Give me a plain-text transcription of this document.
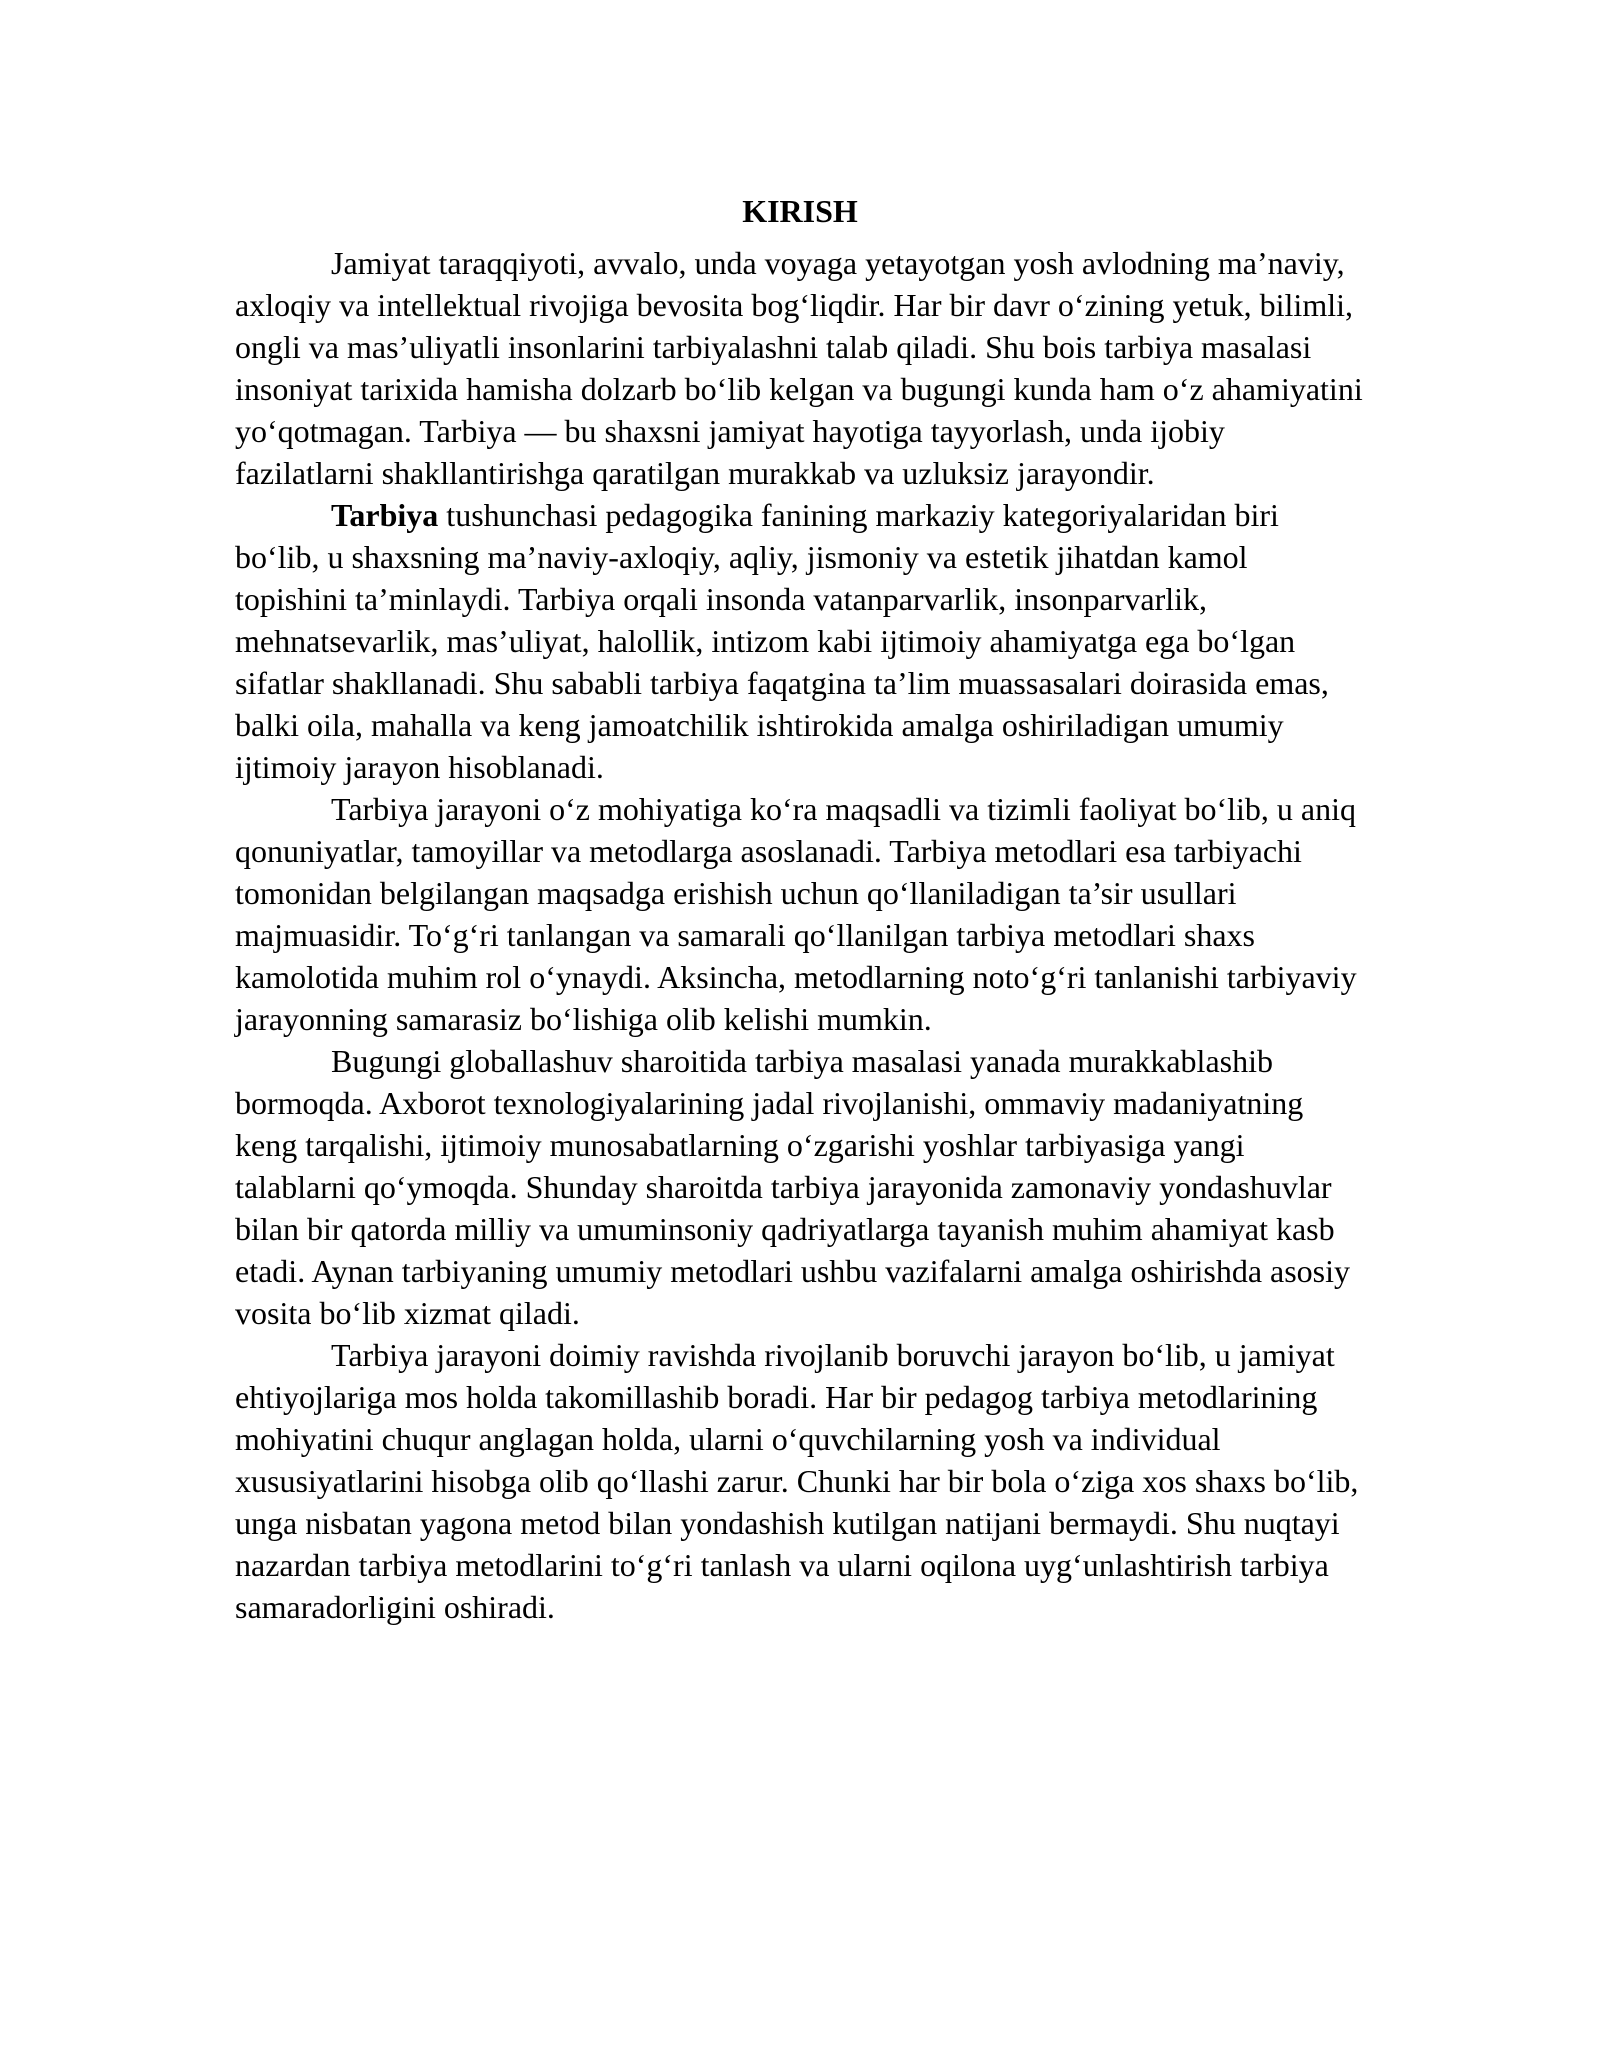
KIRISH

Jamiyat taraqqiyoti, avvalo, unda voyaga yetayotgan yosh avlodning ma’naviy, axloqiy va intellektual rivojiga bevosita bog‘liqdir. Har bir davr o‘zining yetuk, bilimli, ongli va mas’uliyatli insonlarini tarbiyalashni talab qiladi. Shu bois tarbiya masalasi insoniyat tarixida hamisha dolzarb bo‘lib kelgan va bugungi kunda ham o‘z ahamiyatini yo‘qotmagan. Tarbiya — bu shaxsni jamiyat hayotiga tayyorlash, unda ijobiy fazilatlarni shakllantirishga qaratilgan murakkab va uzluksiz jarayondir.

Tarbiya tushunchasi pedagogika fanining markaziy kategoriyalaridan biri bo‘lib, u shaxsning ma’naviy-axloqiy, aqliy, jismoniy va estetik jihatdan kamol topishini ta’minlaydi. Tarbiya orqali insonda vatanparvarlik, insonparvarlik, mehnatsevarlik, mas’uliyat, halollik, intizom kabi ijtimoiy ahamiyatga ega bo‘lgan sifatlar shakllanadi. Shu sababli tarbiya faqatgina ta’lim muassasalari doirasida emas, balki oila, mahalla va keng jamoatchilik ishtirokida amalga oshiriladigan umumiy ijtimoiy jarayon hisoblanadi.

Tarbiya jarayoni o‘z mohiyatiga ko‘ra maqsadli va tizimli faoliyat bo‘lib, u aniq qonuniyatlar, tamoyillar va metodlarga asoslanadi. Tarbiya metodlari esa tarbiyachi tomonidan belgilangan maqsadga erishish uchun qo‘llaniladigan ta’sir usullari majmuasidir. To‘g‘ri tanlangan va samarali qo‘llanilgan tarbiya metodlari shaxs kamolotida muhim rol o‘ynaydi. Aksincha, metodlarning noto‘g‘ri tanlanishi tarbiyaviy jarayonning samarasiz bo‘lishiga olib kelishi mumkin.

Bugungi globallashuv sharoitida tarbiya masalasi yanada murakkablashib bormoqda. Axborot texnologiyalarining jadal rivojlanishi, ommaviy madaniyatning keng tarqalishi, ijtimoiy munosabatlarning o‘zgarishi yoshlar tarbiyasiga yangi talablarni qo‘ymoqda. Shunday sharoitda tarbiya jarayonida zamonaviy yondashuvlar bilan bir qatorda milliy va umuminsoniy qadriyatlarga tayanish muhim ahamiyat kasb etadi. Aynan tarbiyaning umumiy metodlari ushbu vazifalarni amalga oshirishda asosiy vosita bo‘lib xizmat qiladi.

Tarbiya jarayoni doimiy ravishda rivojlanib boruvchi jarayon bo‘lib, u jamiyat ehtiyojlariga mos holda takomillashib boradi. Har bir pedagog tarbiya metodlarining mohiyatini chuqur anglagan holda, ularni o‘quvchilarning yosh va individual xususiyatlarini hisobga olib qo‘llashi zarur. Chunki har bir bola o‘ziga xos shaxs bo‘lib, unga nisbatan yagona metod bilan yondashish kutilgan natijani bermaydi. Shu nuqtayi nazardan tarbiya metodlarini to‘g‘ri tanlash va ularni oqilona uyg‘unlashtirish tarbiya samaradorligini oshiradi.
